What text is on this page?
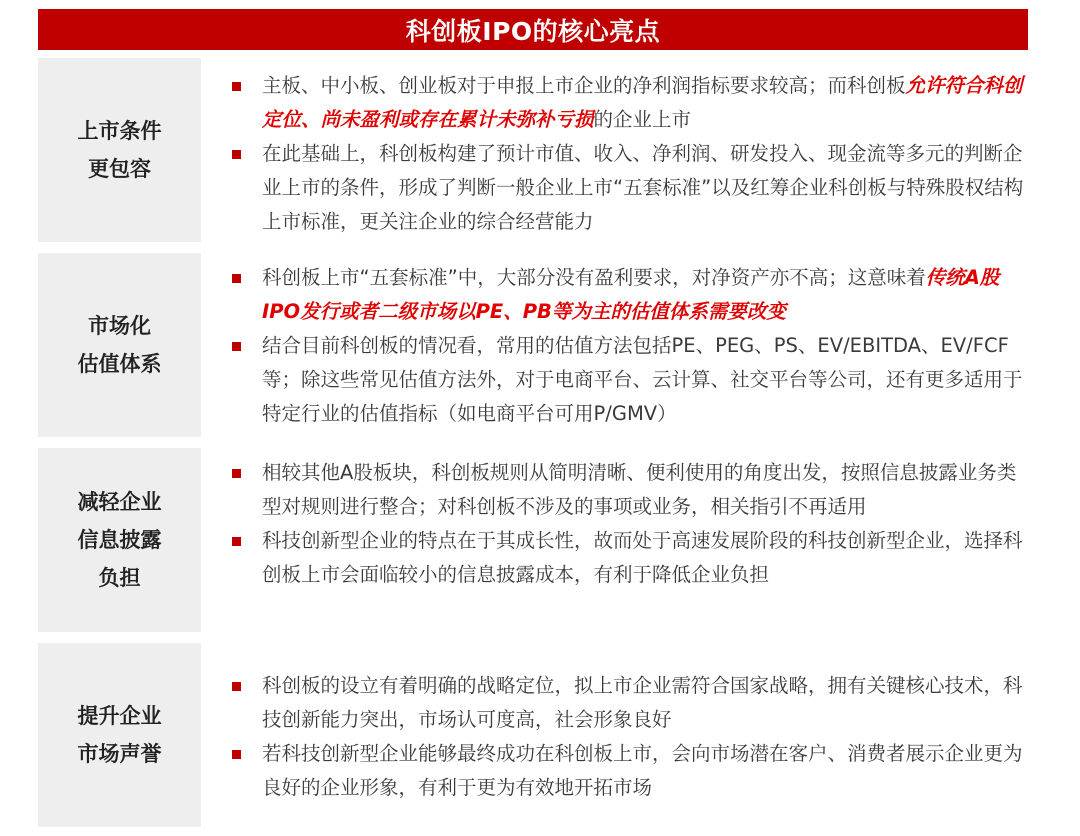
科创板IPO的核心亮点
上市条件
更包容
主板、中小板、创业板对于申报上市企业的净利润指标要求较高；而科创板允许符合科创定位、尚未盈利或存在累计未弥补亏损的企业上市
在此基础上，科创板构建了预计市值、收入、净利润、研发投入、现金流等多元的判断企业上市的条件，形成了判断一般企业上市“五套标准”以及红筹企业科创板与特殊股权结构上市标准，更关注企业的综合经营能力
市场化
估值体系
科创板上市“五套标准”中，大部分没有盈利要求，对净资产亦不高；这意味着传统A股IPO发行或者二级市场以PE、PB等为主的估值体系需要改变
结合目前科创板的情况看，常用的估值方法包括PE、PEG、PS、EV/EBITDA、EV/FCF等；除这些常见估值方法外，对于电商平台、云计算、社交平台等公司，还有更多适用于特定行业的估值指标（如电商平台可用P/GMV）
减轻企业
信息披露
负担
相较其他A股板块，科创板规则从简明清晰、便利使用的角度出发，按照信息披露业务类型对规则进行整合；对科创板不涉及的事项或业务，相关指引不再适用
科技创新型企业的特点在于其成长性，故而处于高速发展阶段的科技创新型企业，选择科创板上市会面临较小的信息披露成本，有利于降低企业负担
提升企业
市场声誉
科创板的设立有着明确的战略定位，拟上市企业需符合国家战略，拥有关键核心技术，科技创新能力突出，市场认可度高，社会形象良好
若科技创新型企业能够最终成功在科创板上市，会向市场潜在客户、消费者展示企业更为良好的企业形象，有利于更为有效地开拓市场
